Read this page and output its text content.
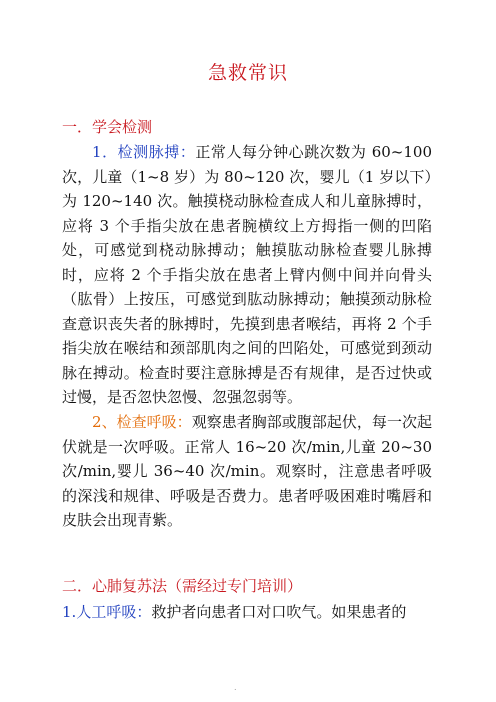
急救常识
一．学会检测
1．检测脉搏：正常人每分钟心跳次数为 60~100 次，儿童（1~8 岁）为 80~120 次，婴儿（1 岁以下）为 120~140 次。触摸桡动脉检查成人和儿童脉搏时，应将 3 个手指尖放在患者腕横纹上方拇指一侧的凹陷处，可感觉到桡动脉搏动；触摸肱动脉检查婴儿脉搏时，应将 2 个手指尖放在患者上臂内侧中间并向骨头（肱骨）上按压，可感觉到肱动脉搏动；触摸颈动脉检查意识丧失者的脉搏时，先摸到患者喉结，再将 2 个手指尖放在喉结和颈部肌肉之间的凹陷处，可感觉到颈动脉在搏动。检查时要注意脉搏是否有规律，是否过快或过慢，是否忽快忽慢、忽强忽弱等。
2、检查呼吸：观察患者胸部或腹部起伏，每一次起伏就是一次呼吸。正常人 16~20 次/min,儿童 20~30 次/min,婴儿 36~40 次/min。观察时，注意患者呼吸的深浅和规律、呼吸是否费力。患者呼吸困难时嘴唇和皮肤会出现青紫。
二．心肺复苏法（需经过专门培训）
1.人工呼吸：救护者向患者口对口吹气。如果患者的
.
